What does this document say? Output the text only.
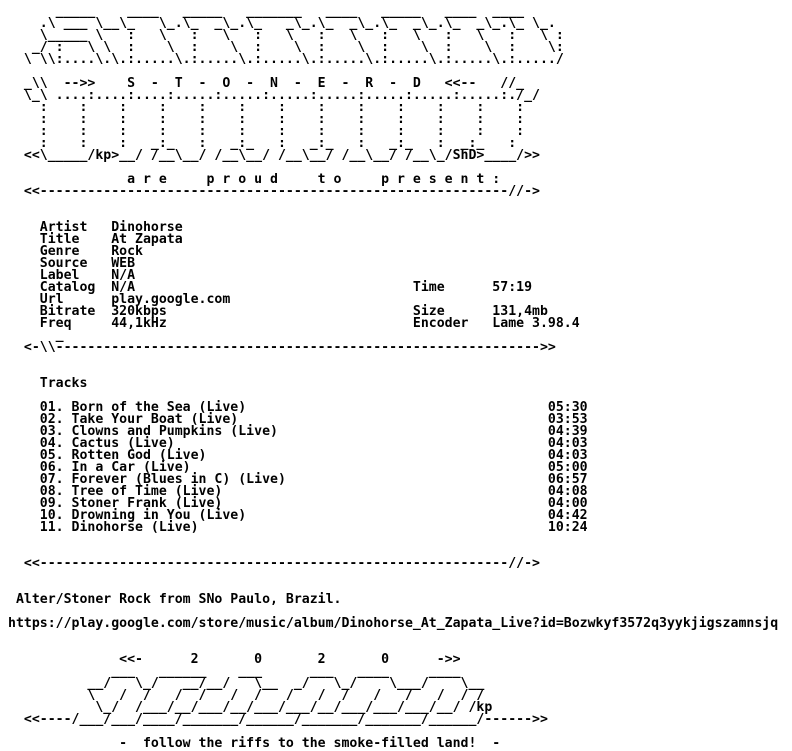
_____    ____   _____   _______   ____   _____   ____  ____
.\ ___ \__\_   \_.\_  _\_.\_   _\_.\_  _\_.\_  _\_.\_  _\_.\_ \_.
\_____ \   :   \   :   \   :   \   :   \   :   \   :   \   :   \ :
_/ :   \ \  :    \  :    \  :    \  :    \  :    \  :    \  :    \:
\ \\:....\.\.:.....\.:.....\.:.....\.:.....\.:.....\.:.....\.:...../
_\\  -->>    S  -  T  -  O  -  N  -  E  -  R  -  D   <<--   //_
\_\ ....:....:....:.....:.....:.....:.....:.....:.....:.....:./_/
:    :    :    :    :    :    :    :    :    :    :    :    :
:    :    :    :    :    :    :    :    :    :    :    :    :
:    :    :    :    :    :    :    :    :    :    :    :    :
:    :    :   _:_   :   _:_   :   _:_   :   _:_   :  _:_   :
<<\_____/kp>__/ /__\__/ /__\__/ /__\__/ /__\__/ /__\_/ShD>____/>>
a r e     p r o u d     t o     p r e s e n t :
<<-----------------------------------------------------------//->
Artist   Dinohorse
Title    At Zapata
Genre    Rock
Source   WEB
Label    N/A
Catalog  N/A                                   Time      57:19
Url      play.google.com
Bitrate  320kbps                               Size      131,4mb
Freq     44,1kHz                               Encoder   Lame 3.98.4
_
<-\\------------------------------------------------------------->>
Tracks
01. Born of the Sea (Live)                                      05:30
02. Take Your Boat (Live)                                       03:53
03. Clowns and Pumpkins (Live)                                  04:39
04. Cactus (Live)                                               04:03
05. Rotten God (Live)                                           04:03
06. In a Car (Live)                                             05:00
07. Forever (Blues in C) (Live)                                 06:57
08. Tree of Time (Live)                                         04:08
09. Stoner Frank (Live)                                         04:00
10. Drowning in You (Live)                                      04:42
11. Dinohorse (Live)                                            10:24
<<-----------------------------------------------------------//->
Alter/Stoner Rock from SNo Paulo, Brazil.
https://play.google.com/store/music/album/Dinohorse_At_Zapata_Live?id=Bozwkyf3572q3yykjigszamnsjq
<<-      2       0       2       0      ->>
___   ______    ___      ___   ____     ____
__/   \_/   __/__/   \__  _/   \_/    \___/    \__
\   /  /   /  /   /  /   /   /  /   /   /   /  / /
\_/  /___/__/___/__/___/___/__/___/___/___/__/ /kp
<<----/___/___/____/_______/______/_______/_______/______/------>>
-  follow the riffs to the smoke-filled land!  -
